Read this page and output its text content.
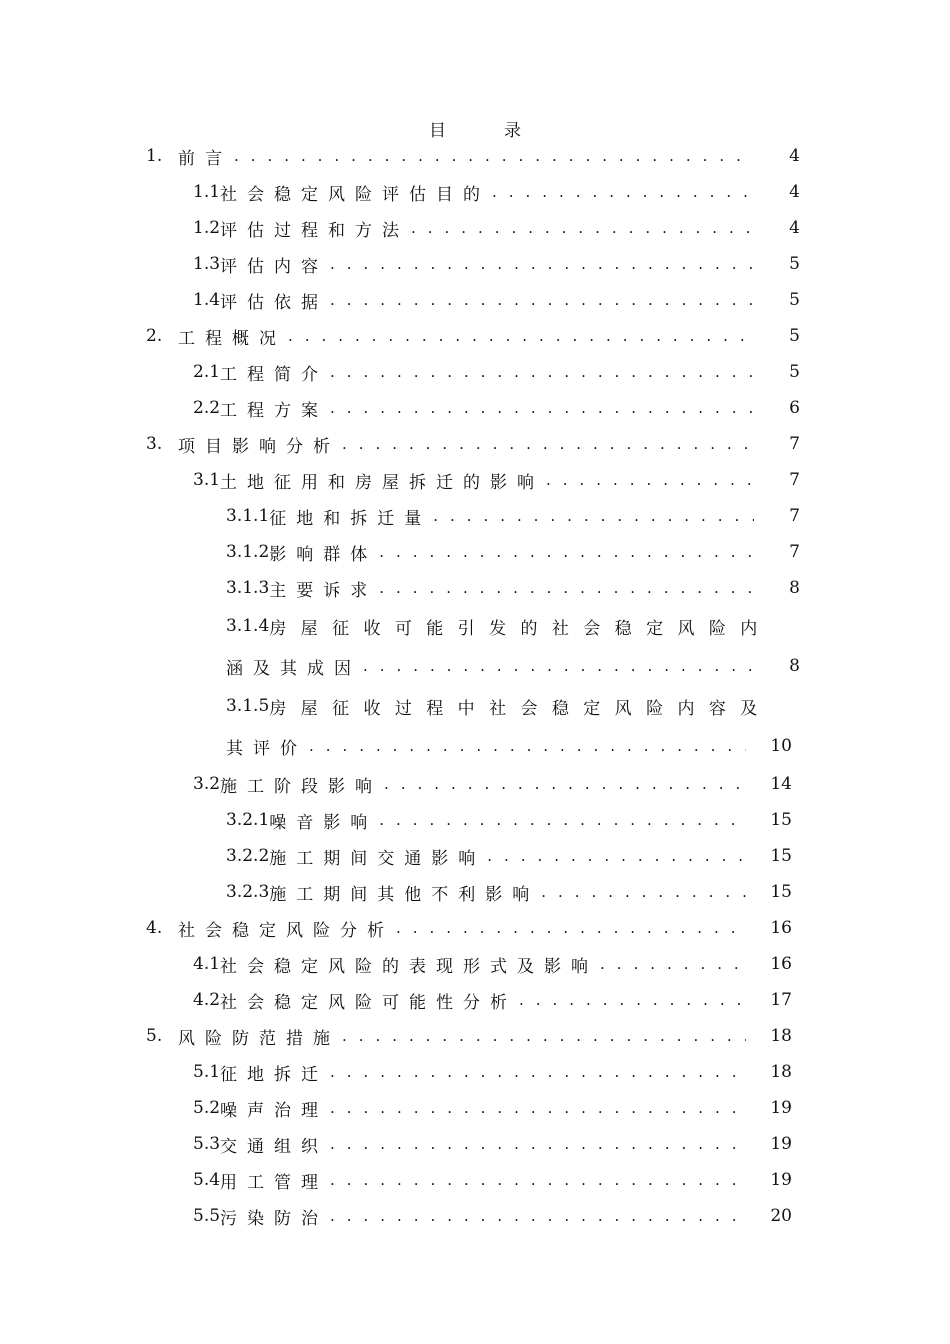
目	录
1. 前言 . . .	4
1.1 社会稳定风险评估目的 . . .	4
1.2 评估过程和方法 . . .	4
1.3 评估内容 . . .	5
1.4 评估依据 . . .	5
2. 工程概况 . . .	5
2.1 工程简介 . . .	5
2.2 工程方案 . . .	6
3. 项目影响分析 . . .	7
3.1 土地征用和房屋拆迁的影响 . . .	7
3.1.1 征地和拆迁量 . . .	7
3.1.2 影响群体 . . .	7
3.1.3 主要诉求 . . .	8
3.1.4 房屋征收可能引发的社会稳定风险内
涵及其成因 . . .	8
3.1.5 房屋征收过程中社会稳定风险内容及
其评价 . . .	10
3.2 施工阶段影响 . . .	14
3.2.1 噪音影响 . . .	15
3.2.2 施工期间交通影响 . . .	15
3.2.3 施工期间其他不利影响 . . .	15
4. 社会稳定风险分析 . . .	16
4.1 社会稳定风险的表现形式及影响 . . .	16
4.2 社会稳定风险可能性分析 . . .	17
5. 风险防范措施 . . .	18
5.1 征地拆迁 . . .	18
5.2 噪声治理 . . .	19
5.3 交通组织 . . .	19
5.4 用工管理 . . .	19
5.5 污染防治 . . .	20
